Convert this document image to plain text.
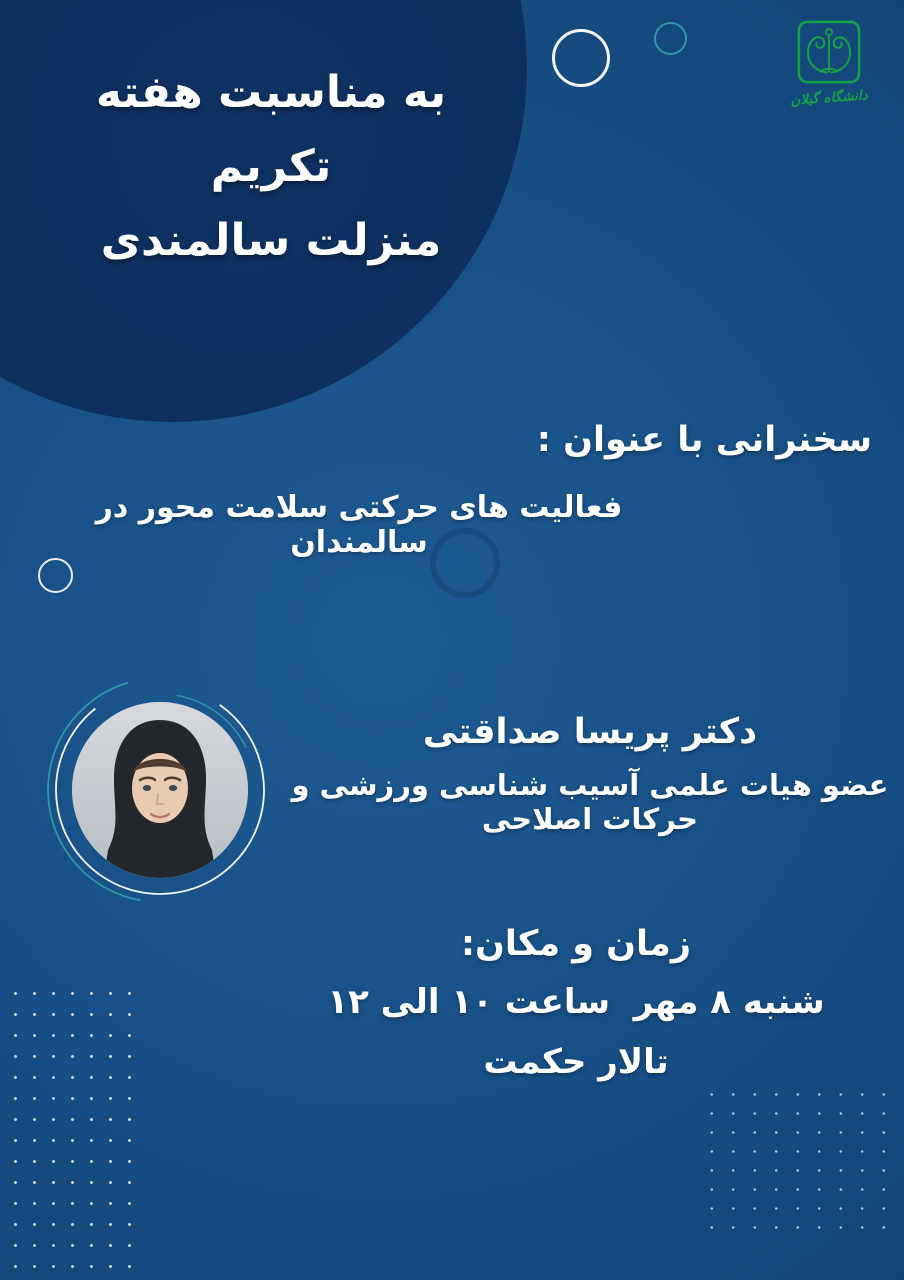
به مناسبت هفته تکریم
منزلت سالمندی
دانشگاه گیلان
سخنرانی با عنوان :
فعالیت های حرکتی سلامت محور در سالمندان

دکتر پریسا صداقتی

عضو هیات علمی آسیب شناسی ورزشی و حرکات اصلاحی

زمان و مکان:

شنبه ۸ مهر  ساعت ۱۰ الی ۱۲

تالار حکمت
